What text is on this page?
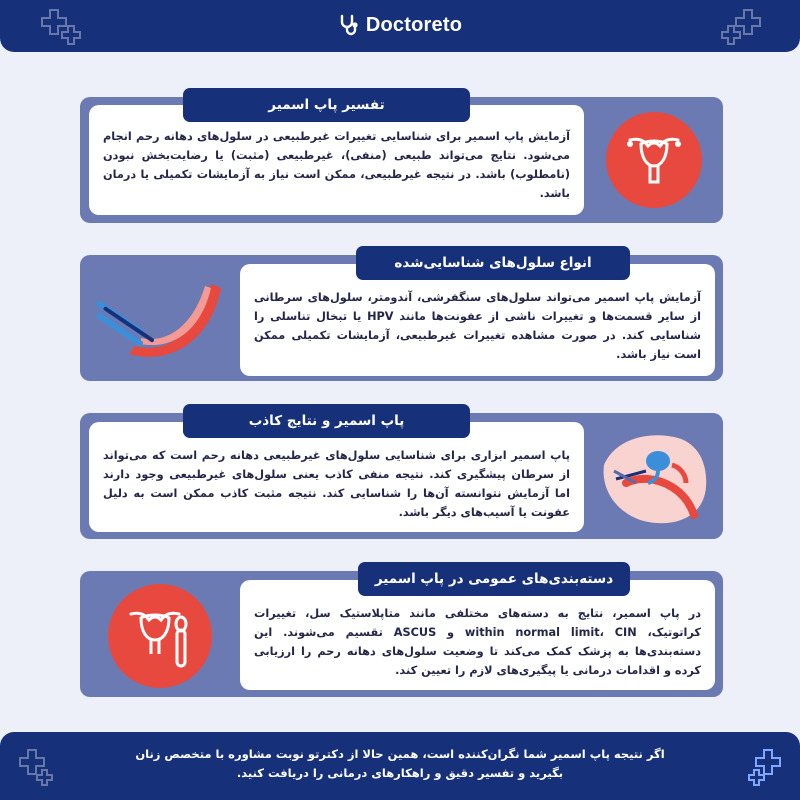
Doctoreto
آزمایش پاپ اسمیر برای شناسایی تغییرات غیرطبیعی در سلول‌های دهانه رحم انجام می‌شود. نتایج می‌تواند طبیعی (منفی)، غیرطبیعی (مثبت) یا رضایت‌بخش نبودن (نامطلوب) باشد. در نتیجه غیرطبیعی، ممکن است نیاز به آزمایشات تکمیلی یا درمان باشد.
تفسیر پاپ اسمیر
آزمایش پاپ اسمیر می‌تواند سلول‌های سنگفرشی، آندومتر، سلول‌های سرطانی از سایر قسمت‌ها و تغییرات ناشی از عفونت‌ها مانند HPV یا تبخال تناسلی را شناسایی کند. در صورت مشاهده تغییرات غیرطبیعی، آزمایشات تکمیلی ممکن است نیاز باشد.
انواع سلول‌های شناسایی‌شده
پاپ اسمیر ابزاری برای شناسایی سلول‌های غیرطبیعی دهانه رحم است که می‌تواند از سرطان پیشگیری کند. نتیجه منفی کاذب یعنی سلول‌های غیرطبیعی وجود دارند اما آزمایش نتوانسته آن‌ها را شناسایی کند. نتیجه مثبت کاذب ممکن است به دلیل عفونت یا آسیب‌های دیگر باشد.
پاپ اسمیر و نتایج کاذب
در پاپ اسمیر، نتایج به دسته‌های مختلفی مانند متاپلاستیک سل، تغییرات کراتوتیک، within normal limit، CIN و ASCUS تقسیم می‌شوند. این دسته‌بندی‌ها به پزشک کمک می‌کند تا وضعیت سلول‌های دهانه رحم را ارزیابی کرده و اقدامات درمانی یا پیگیری‌های لازم را تعیین کند.
دسته‌بندی‌های عمومی در پاپ اسمیر
اگر نتیجه پاپ اسمیر شما نگران‌کننده است، همین حالا از دکترتو نوبت مشاوره با متخصص زنان بگیرید و تفسیر دقیق و راهکارهای درمانی را دریافت کنید.
